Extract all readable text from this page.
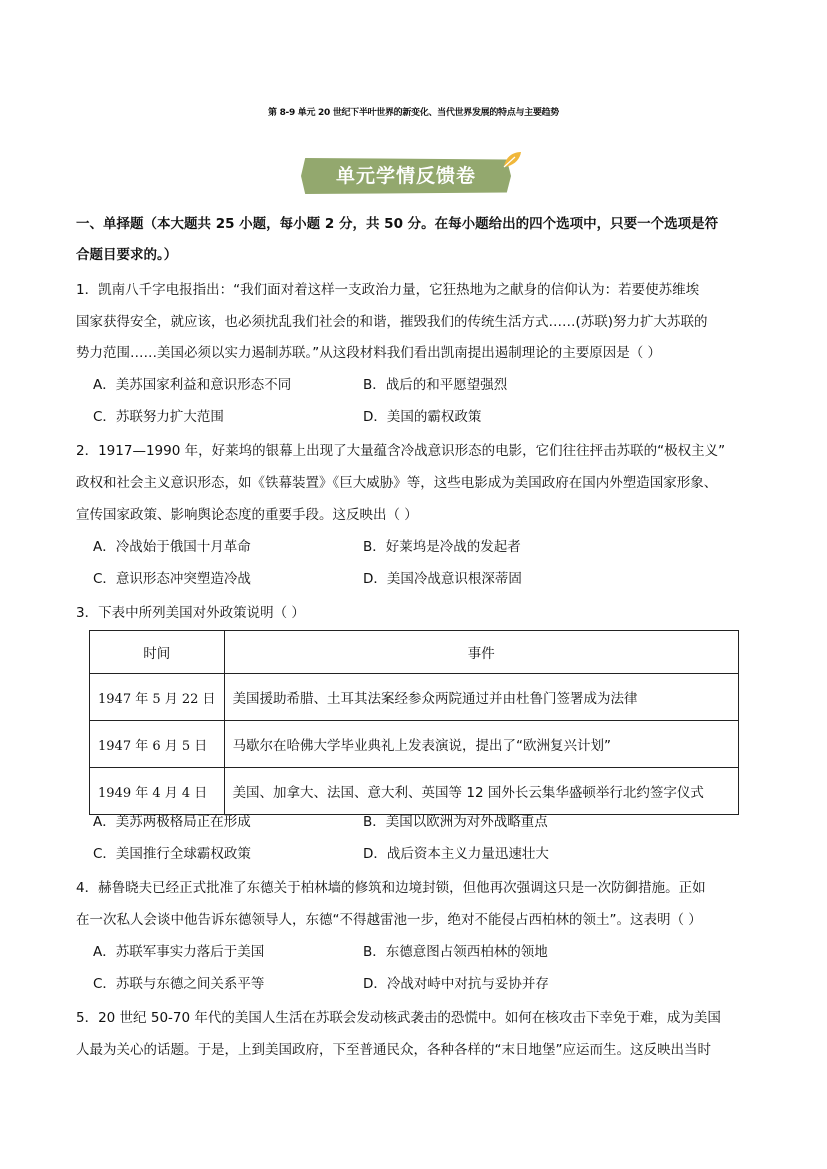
第 8-9 单元 20 世纪下半叶世界的新变化、当代世界发展的特点与主要趋势
单元学情反馈卷
一、单择题（本大题共 25 小题，每小题 2 分，共 50 分。在每小题给出的四个选项中，只要一个选项是符
合题目要求的。）
1．凯南八千字电报指出：“我们面对着这样一支政治力量，它狂热地为之献身的信仰认为：若要使苏维埃
国家获得安全，就应该，也必须扰乱我们社会的和谐，摧毁我们的传统生活方式……(苏联)努力扩大苏联的
势力范围……美国必须以实力遏制苏联。”从这段材料我们看出凯南提出遏制理论的主要原因是（ ）
A．美苏国家利益和意识形态不同	B．战后的和平愿望强烈
C．苏联努力扩大范围	D．美国的霸权政策
2．1917—1990 年，好莱坞的银幕上出现了大量蕴含冷战意识形态的电影，它们往往抨击苏联的“极权主义”
政权和社会主义意识形态，如《铁幕装置》《巨大威胁》等，这些电影成为美国政府在国内外塑造国家形象、
宣传国家政策、影响舆论态度的重要手段。这反映出（ ）
A．冷战始于俄国十月革命	B．好莱坞是冷战的发起者
C．意识形态冲突塑造冷战	D．美国冷战意识根深蒂固
3．下表中所列美国对外政策说明（ ）
时间	事件
1947 年 5 月 22 日	美国援助希腊、土耳其法案经参众两院通过并由杜鲁门签署成为法律
1947 年 6 月 5 日	马歇尔在哈佛大学毕业典礼上发表演说，提出了“欧洲复兴计划”
1949 年 4 月 4 日	美国、加拿大、法国、意大利、英国等 12 国外长云集华盛顿举行北约签字仪式
A．美苏两极格局正在形成	B．美国以欧洲为对外战略重点
C．美国推行全球霸权政策	D．战后资本主义力量迅速壮大
4．赫鲁晓夫已经正式批准了东德关于柏林墙的修筑和边境封锁，但他再次强调这只是一次防御措施。正如
在一次私人会谈中他告诉东德领导人，东德“不得越雷池一步，绝对不能侵占西柏林的领土”。这表明（ ）
A．苏联军事实力落后于美国	B．东德意图占领西柏林的领地
C．苏联与东德之间关系平等	D．冷战对峙中对抗与妥协并存
5．20 世纪 50-70 年代的美国人生活在苏联会发动核武袭击的恐慌中。如何在核攻击下幸免于难，成为美国
人最为关心的话题。于是，上到美国政府，下至普通民众，各种各样的“末日地堡”应运而生。这反映出当时
